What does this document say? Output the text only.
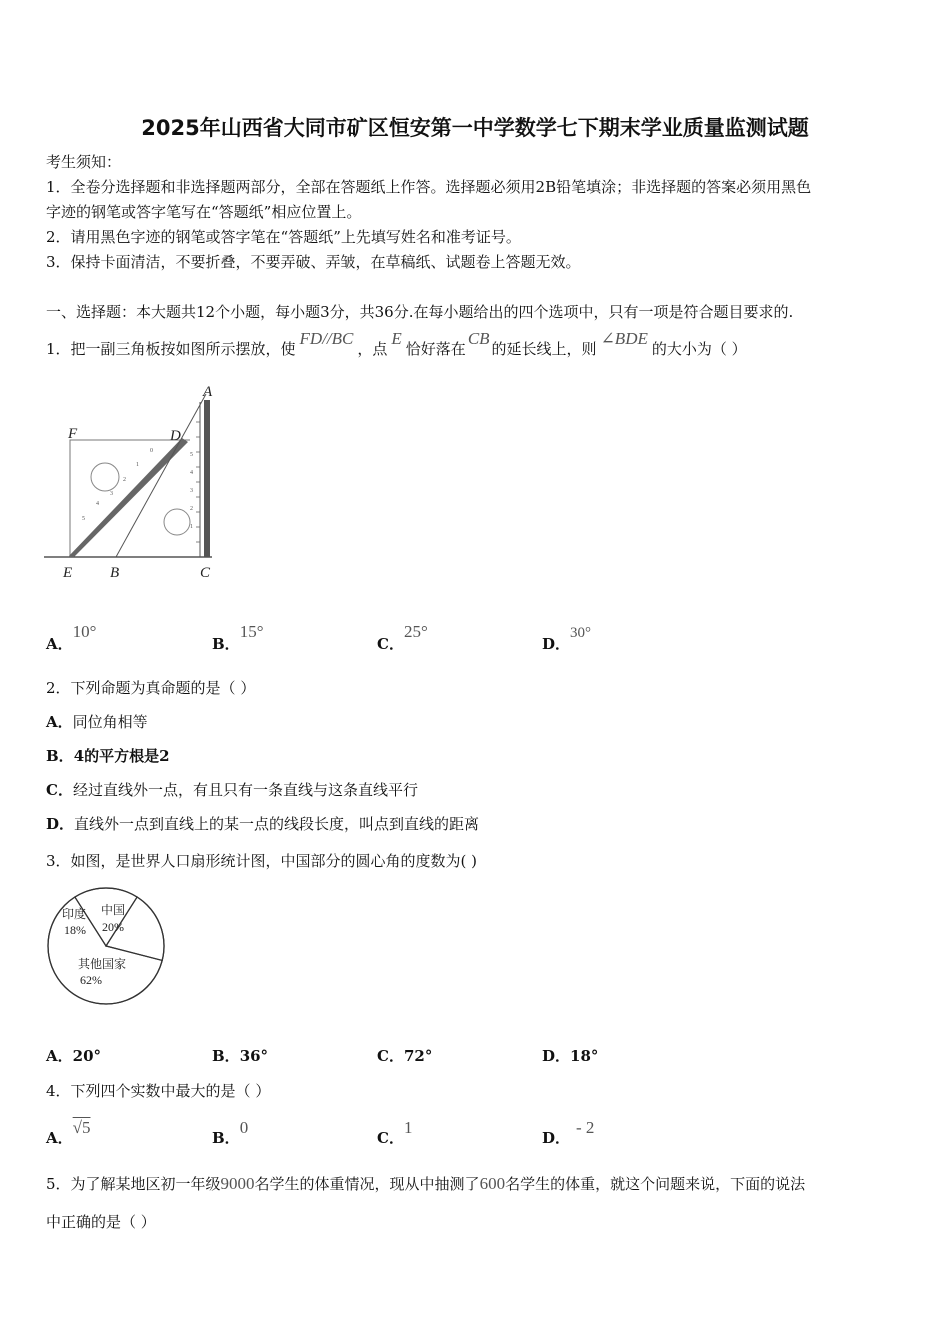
2025年山西省大同市矿区恒安第一中学数学七下期末学业质量监测试题
考生须知：
1．全卷分选择题和非选择题两部分，全部在答题纸上作答。选择题必须用2B铅笔填涂；非选择题的答案必须用黑色
字迹的钢笔或答字笔写在“答题纸”相应位置上。
2．请用黑色字迹的钢笔或答字笔在“答题纸”上先填写姓名和准考证号。
3．保持卡面清洁，不要折叠，不要弄破、弄皱，在草稿纸、试题卷上答题无效。
一、选择题：本大题共12个小题，每小题3分，共36分.在每小题给出的四个选项中，只有一项是符合题目要求的.
1．把一副三角板按如图所示摆放，使FD//BC，点E恰好落在CB的延长线上，则∠BDE的大小为（ ）
0
1
2
3
4
5
5
4
3
2
1
A
F	D
E	B	C
A．10°
B．15°
C．25°
D．30°
2．下列命题为真命题的是（ ）
A．同位角相等
B．4的平方根是2
C．经过直线外一点，有且只有一条直线与这条直线平行
D．直线外一点到直线上的某一点的线段长度，叫点到直线的距离
3．如图，是世界人口扇形统计图，中国部分的圆心角的度数为( )
印度
18%
中国
20%
其他国家
62%
A．20°	B．36°	C．72°	D．18°
4．下列四个实数中最大的是（ ）
A．√5
B．0
C．1
D．- 2
5．为了解某地区初一年级9000名学生的体重情况，现从中抽测了600名学生的体重，就这个问题来说，下面的说法
中正确的是（ ）
